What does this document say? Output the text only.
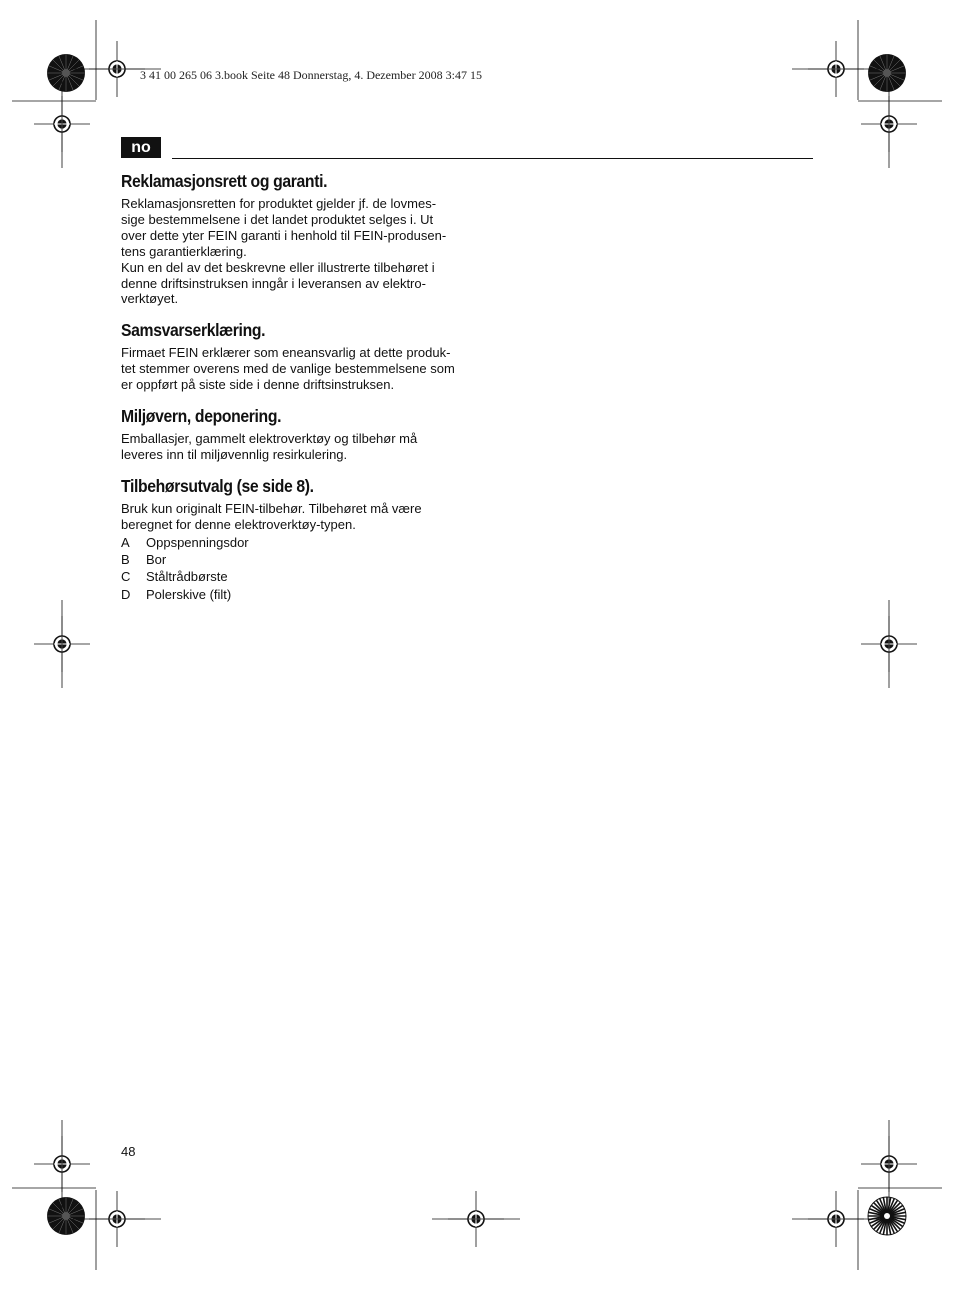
3 41 00 265 06 3.book Seite 48 Donnerstag, 4. Dezember 2008 3:47 15
no
Reklamasjonsrett og garanti.

Reklamasjonsretten for produktet gjelder jf. de lovmes-
sige bestemmelsene i det landet produktet selges i. Ut
over dette yter FEIN garanti i henhold til FEIN-produsen-
tens garantierklæring.

Kun en del av det beskrevne eller illustrerte tilbehøret i
denne driftsinstruksen inngår i leveransen av elektro-
verktøyet.

Samsvarserklæring.

Firmaet FEIN erklærer som eneansvarlig at dette produk-
tet stemmer overens med de vanlige bestemmelsene som
er oppført på siste side i denne driftsinstruksen.

Miljøvern, deponering.

Emballasjer, gammelt elektroverktøy og tilbehør må
leveres inn til miljøvennlig resirkulering.

Tilbehørsutvalg (se side 8).

Bruk kun originalt FEIN-tilbehør. Tilbehøret må være
beregnet for denne elektroverktøy-typen.

A	Oppspenningsdor
B	Bor
C	Ståltrådbørste
D	Polerskive (filt)
48
